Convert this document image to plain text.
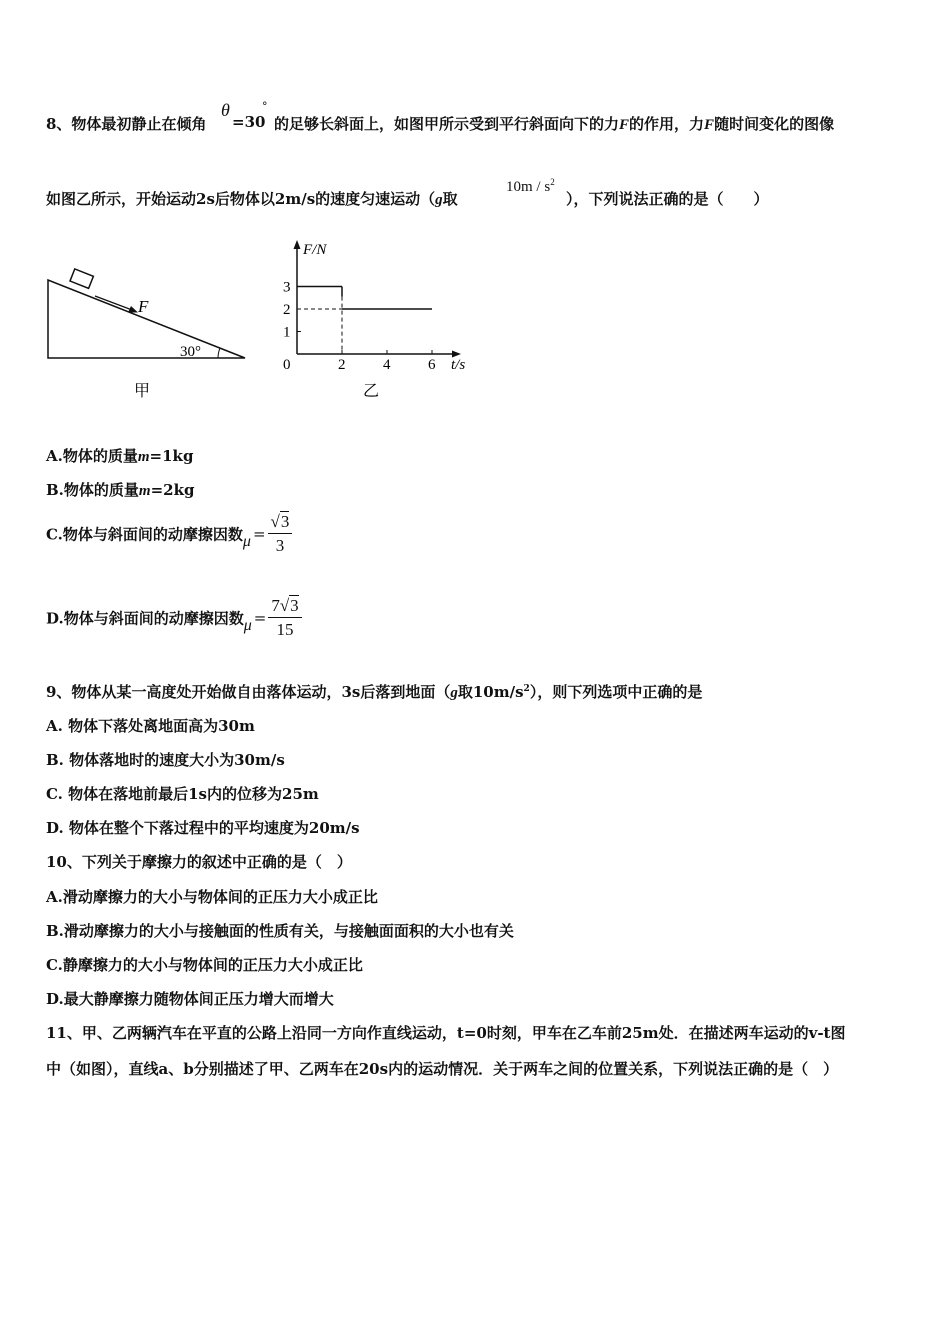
8、物体最初静止在倾角
θ
=30
°
的足够长斜面上，如图甲所示受到平行斜面向下的力F的作用，力F随时间变化的图像
如图乙所示，开始运动2s后物体以2m/s的速度匀速运动（g取
$10m / s^2$
），下列说法正确的是（　　）
F
30°
甲
F/N
t/s
0	2	4	6
1
2
3
乙
A.物体的质量m=1kg
B.物体的质量m=2kg
C.物体与斜面间的动摩擦因数$\mu = \frac{√3}{3}$
D.物体与斜面间的动摩擦因数$\mu = \frac{7√3}{15}$
9、物体从某一高度处开始做自由落体运动，3s后落到地面（g取$10m/s^2$），则下列选项中正确的是
A. 物体下落处离地面高为30m
B. 物体落地时的速度大小为30m/s
C. 物体在落地前最后1s内的位移为25m
D. 物体在整个下落过程中的平均速度为20m/s
10、下列关于摩擦力的叙述中正确的是（　）
A.滑动摩擦力的大小与物体间的正压力大小成正比
B.滑动摩擦力的大小与接触面的性质有关，与接触面面积的大小也有关
C.静摩擦力的大小与物体间的正压力大小成正比
D.最大静摩擦力随物体间正压力增大而增大
11、甲、乙两辆汽车在平直的公路上沿同一方向作直线运动，t=0时刻，甲车在乙车前25m处．在描述两车运动的v-t图
中（如图），直线a、b分别描述了甲、乙两车在20s内的运动情况．关于两车之间的位置关系，下列说法正确的是（　）
